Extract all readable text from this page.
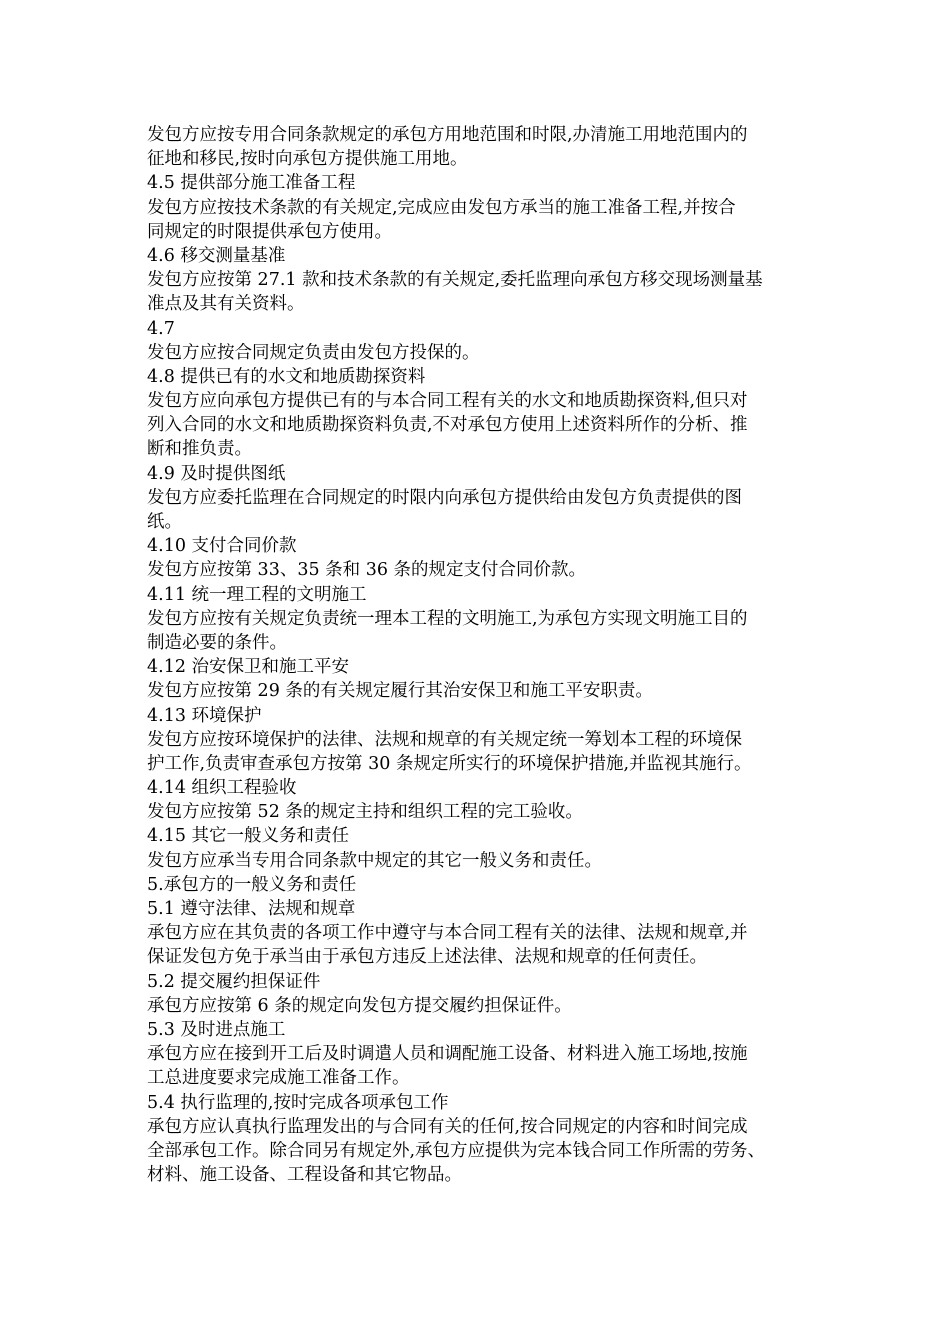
发包方应按专用合同条款规定的承包方用地范围和时限,办清施工用地范围内的
征地和移民,按时向承包方提供施工用地。
4.5 提供部分施工准备工程
发包方应按技术条款的有关规定,完成应由发包方承当的施工准备工程,并按合
同规定的时限提供承包方使用。
4.6 移交测量基准
发包方应按第 27.1 款和技术条款的有关规定,委托监理向承包方移交现场测量基
准点及其有关资料。
4.7
发包方应按合同规定负责由发包方投保的。
4.8 提供已有的水文和地质勘探资料
发包方应向承包方提供已有的与本合同工程有关的水文和地质勘探资料,但只对
列入合同的水文和地质勘探资料负责,不对承包方使用上述资料所作的分析、推
断和推负责。
4.9 及时提供图纸
发包方应委托监理在合同规定的时限内向承包方提供给由发包方负责提供的图
纸。
4.10 支付合同价款
发包方应按第 33、35 条和 36 条的规定支付合同价款。
4.11 统一理工程的文明施工
发包方应按有关规定负责统一理本工程的文明施工,为承包方实现文明施工目的
制造必要的条件。
4.12 治安保卫和施工平安
发包方应按第 29 条的有关规定履行其治安保卫和施工平安职责。
4.13 环境保护
发包方应按环境保护的法律、法规和规章的有关规定统一筹划本工程的环境保
护工作,负责审查承包方按第 30 条规定所实行的环境保护措施,并监视其施行。
4.14 组织工程验收
发包方应按第 52 条的规定主持和组织工程的完工验收。
4.15 其它一般义务和责任
发包方应承当专用合同条款中规定的其它一般义务和责任。
5.承包方的一般义务和责任
5.1 遵守法律、法规和规章
承包方应在其负责的各项工作中遵守与本合同工程有关的法律、法规和规章,并
保证发包方免于承当由于承包方违反上述法律、法规和规章的任何责任。
5.2 提交履约担保证件
承包方应按第 6 条的规定向发包方提交履约担保证件。
5.3 及时进点施工
承包方应在接到开工后及时调遣人员和调配施工设备、材料进入施工场地,按施
工总进度要求完成施工准备工作。
5.4 执行监理的,按时完成各项承包工作
承包方应认真执行监理发出的与合同有关的任何,按合同规定的内容和时间完成
全部承包工作。除合同另有规定外,承包方应提供为完本钱合同工作所需的劳务、
材料、施工设备、工程设备和其它物品。
